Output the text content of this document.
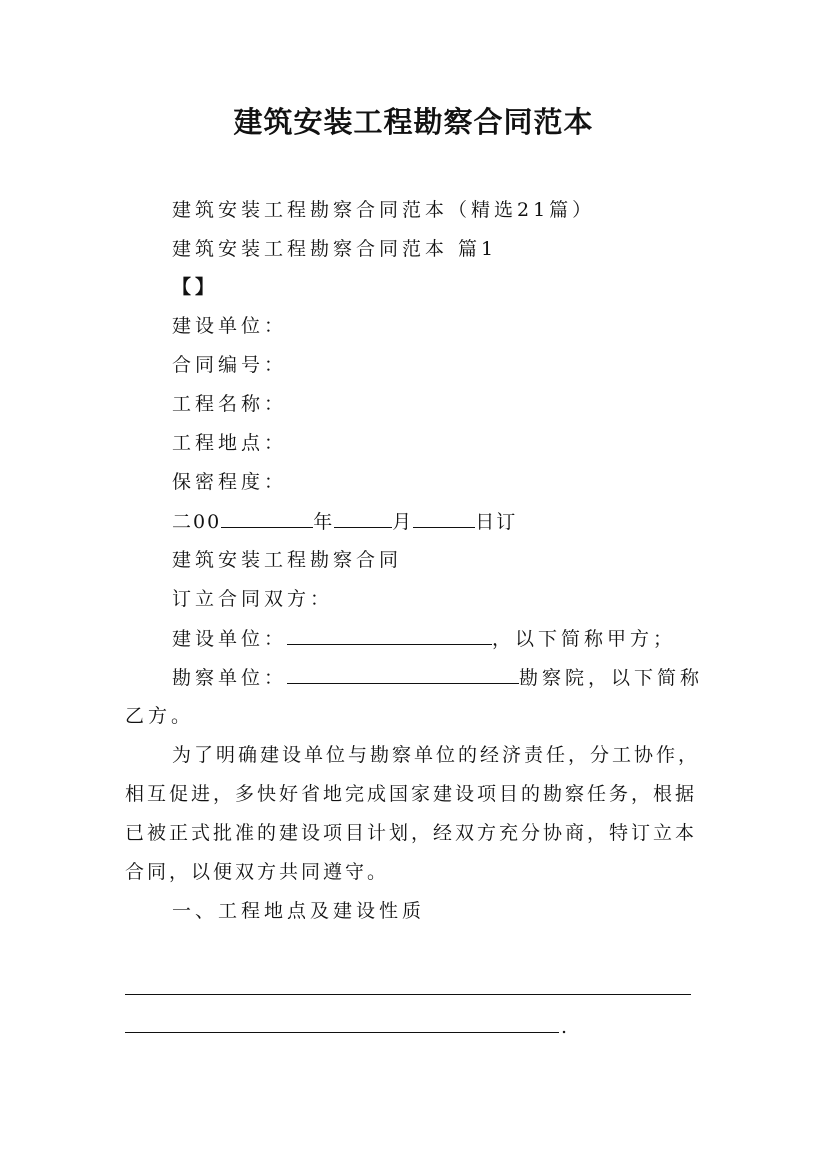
建筑安装工程勘察合同范本
建筑安装工程勘察合同范本（精选21篇）
建筑安装工程勘察合同范本 篇1
【】
建设单位：
合同编号：
工程名称：
工程地点：
保密程度：
二00	年	月	日订
建筑安装工程勘察合同
订立合同双方：
建设单位：	，以下简称甲方；
勘察单位：	勘察院，以下简称
乙方。
为了明确建设单位与勘察单位的经济责任，分工协作，
相互促进，多快好省地完成国家建设项目的勘察任务，根据
已被正式批准的建设项目计划，经双方充分协商，特订立本
合同，以便双方共同遵守。
一、工程地点及建设性质
.
